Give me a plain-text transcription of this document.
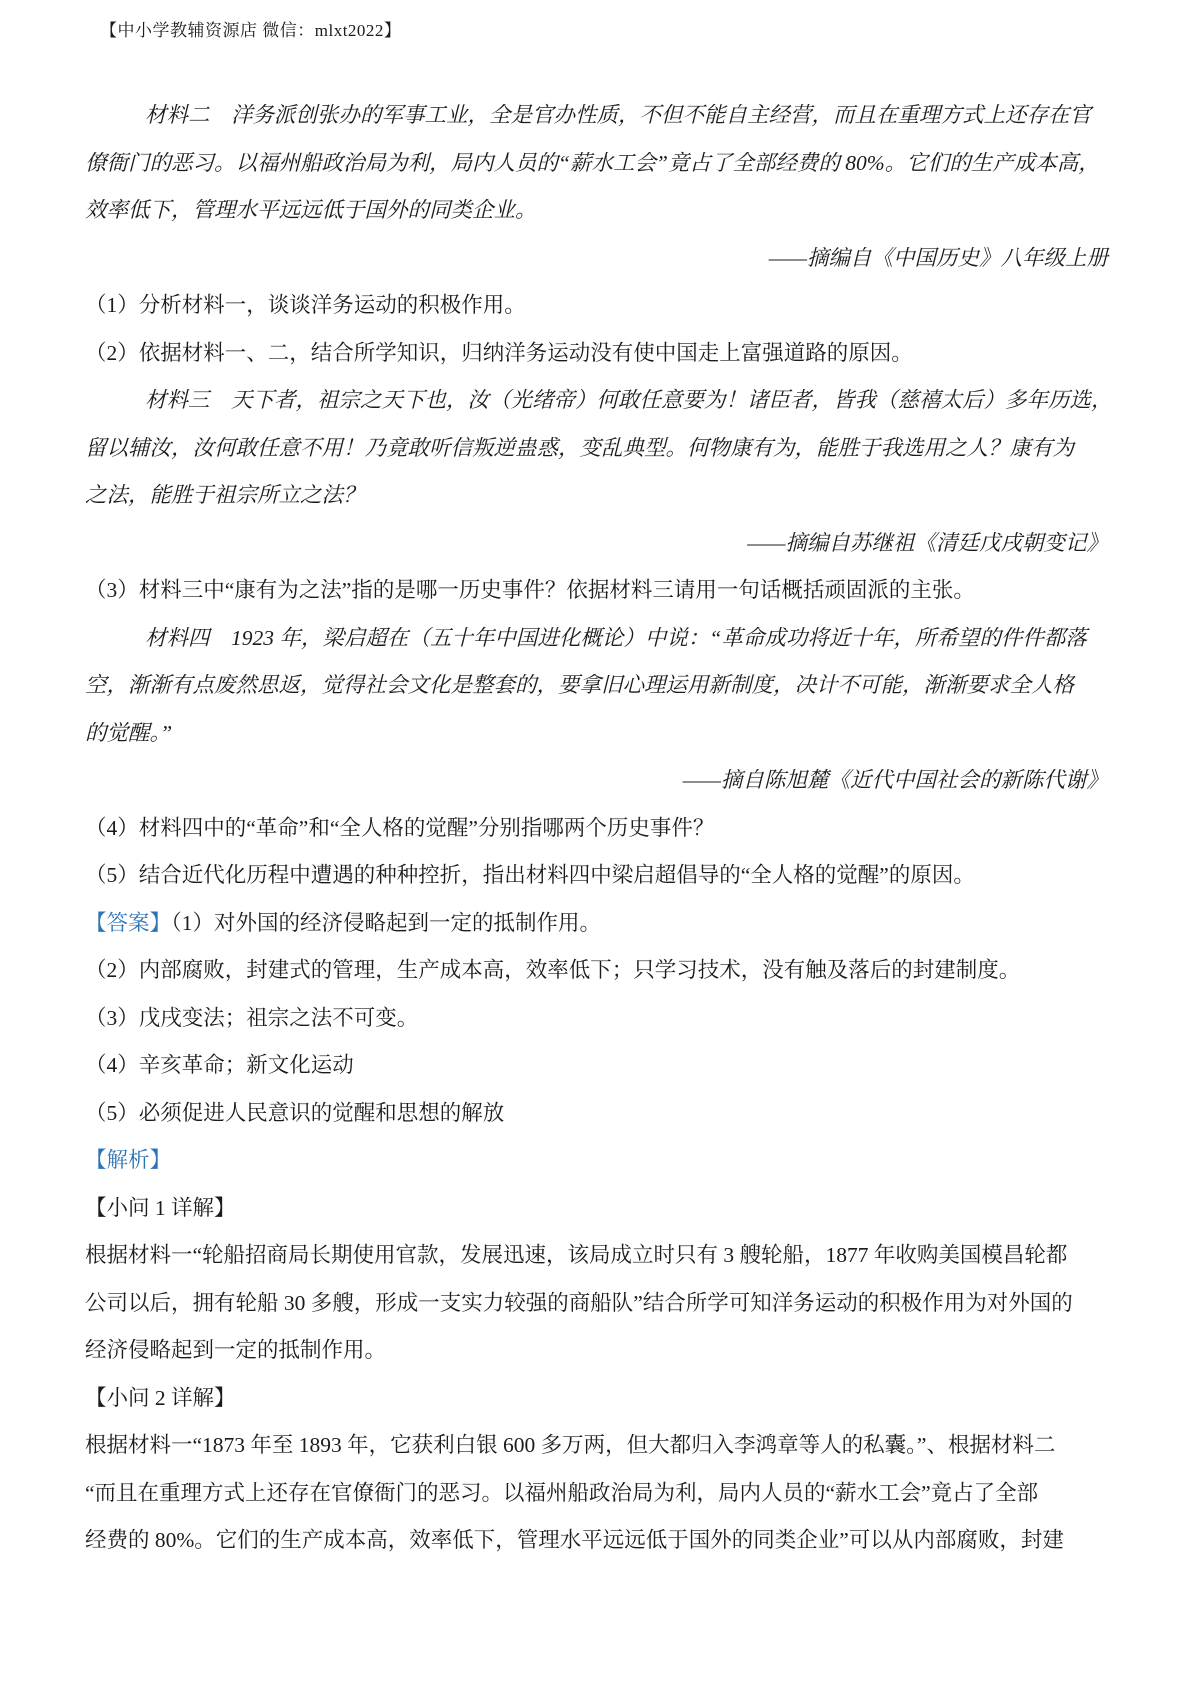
【中小学教辅资源店 微信：mlxt2022】
材料二　洋务派创张办的军事工业，全是官办性质，不但不能自主经营，而且在重理方式上还存在官
僚衙门的恶习。以福州船政治局为利，局内人员的“薪水工会”竟占了全部经费的 80%。它们的生产成本高，
效率低下，管理水平远远低于国外的同类企业。
——摘编自《中国历史》八年级上册
（1）分析材料一，谈谈洋务运动的积极作用。
（2）依据材料一、二，结合所学知识，归纳洋务运动没有使中国走上富强道路的原因。
材料三　天下者，祖宗之天下也，汝（光绪帝）何敢任意要为！诸臣者，皆我（慈禧太后）多年历选，
留以辅汝，汝何敢任意不用！乃竟敢听信叛逆蛊惑，变乱典型。何物康有为，能胜于我选用之人？康有为
之法，能胜于祖宗所立之法？
——摘编自苏继祖《清廷戊戌朝变记》
（3）材料三中“康有为之法”指的是哪一历史事件？依据材料三请用一句话概括顽固派的主张。
材料四　1923 年，梁启超在（五十年中国进化概论）中说：“革命成功将近十年，所希望的件件都落
空，渐渐有点废然思返，觉得社会文化是整套的，要拿旧心理运用新制度，决计不可能，渐渐要求全人格
的觉醒。”
——摘自陈旭麓《近代中国社会的新陈代谢》
（4）材料四中的“革命”和“全人格的觉醒”分别指哪两个历史事件？
（5）结合近代化历程中遭遇的种种控折，指出材料四中梁启超倡导的“全人格的觉醒”的原因。
【答案】（1）对外国的经济侵略起到一定的抵制作用。
（2）内部腐败，封建式的管理，生产成本高，效率低下；只学习技术，没有触及落后的封建制度。
（3）戊戌变法；祖宗之法不可变。
（4）辛亥革命；新文化运动
（5）必须促进人民意识的觉醒和思想的解放
【解析】
【小问 1 详解】
根据材料一“轮船招商局长期使用官款，发展迅速，该局成立时只有 3 艘轮船，1877 年收购美国模昌轮都
公司以后，拥有轮船 30 多艘，形成一支实力较强的商船队”结合所学可知洋务运动的积极作用为对外国的
经济侵略起到一定的抵制作用。
【小问 2 详解】
根据材料一“1873 年至 1893 年，它获利白银 600 多万两，但大都归入李鸿章等人的私囊。”、根据材料二
“而且在重理方式上还存在官僚衙门的恶习。以福州船政治局为利，局内人员的“薪水工会”竟占了全部
经费的 80%。它们的生产成本高，效率低下，管理水平远远低于国外的同类企业”可以从内部腐败，封建
